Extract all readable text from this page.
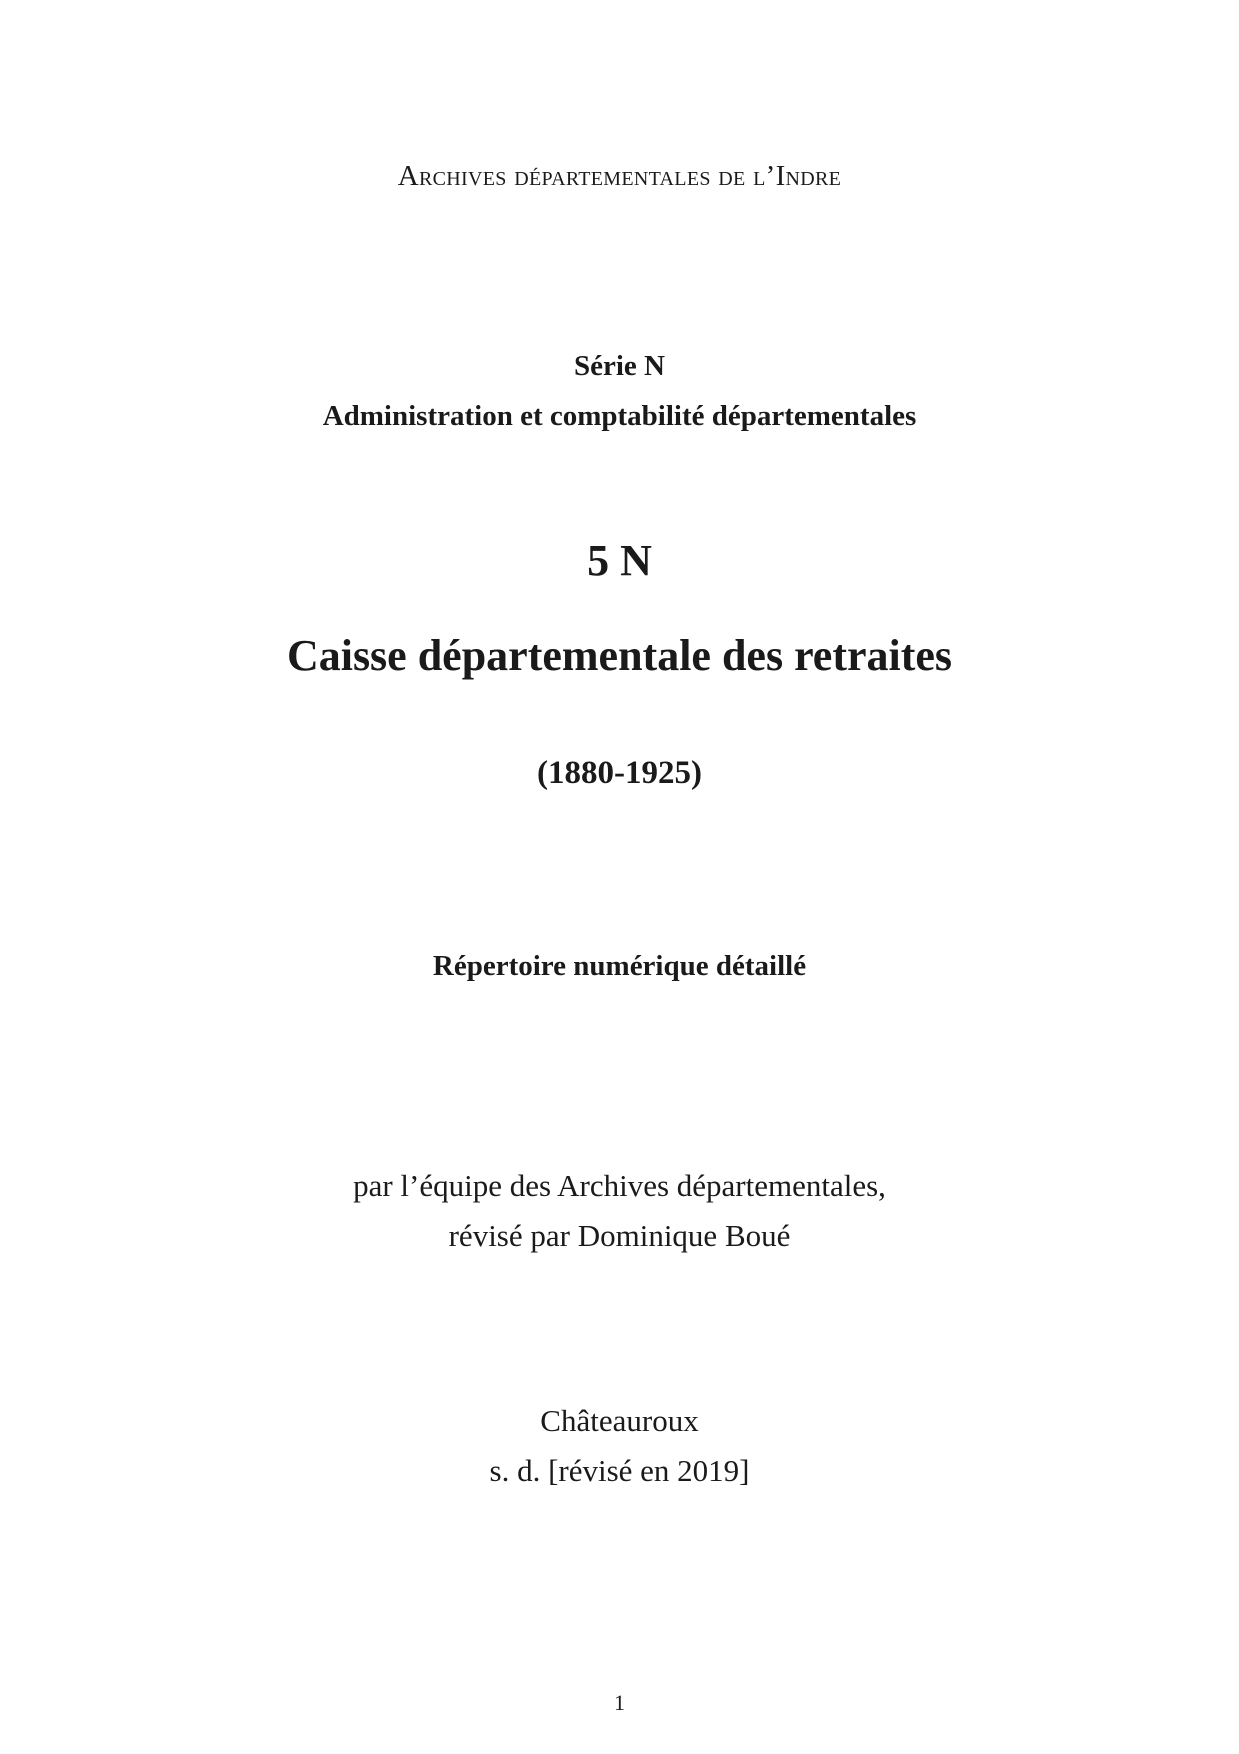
Archives départementales de l’Indre
Série N
Administration et comptabilité départementales
5 N
Caisse départementale des retraites
(1880-1925)
Répertoire numérique détaillé
par l’équipe des Archives départementales,
révisé par Dominique Boué
Châteauroux
s. d. [révisé en 2019]
1
